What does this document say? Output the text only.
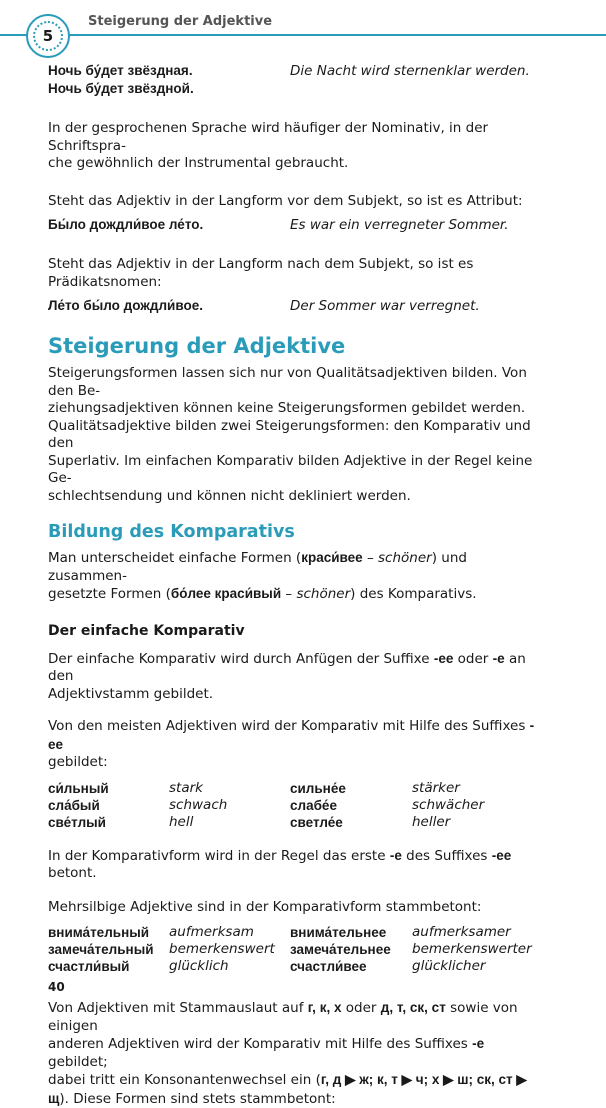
5
Steigerung der Adjektive
Ночь бу́дет звёздная.	Die Nacht wird sternenklar werden.
Ночь бу́дет звёздной.

In der gesprochenen Sprache wird häufiger der Nominativ, in der Schriftspra-

che gewöhnlich der Instrumental gebraucht.

Steht das Adjektiv in der Langform vor dem Subjekt, so ist es Attribut:

Бы́ло дождли́вое ле́то.	Es war ein verregneter Sommer.

Steht das Adjektiv in der Langform nach dem Subjekt, so ist es Prädikatsnomen:

Ле́то бы́ло дождли́вое.	Der Sommer war verregnet.
Steigerung der Adjektive

Steigerungsformen lassen sich nur von Qualitätsadjektiven bilden. Von den Be-

ziehungsadjektiven können keine Steigerungsformen gebildet werden.

Qualitätsadjektive bilden zwei Steigerungsformen: den Komparativ und den

Superlativ. Im einfachen Komparativ bilden Adjektive in der Regel keine Ge-

schlechtsendung und können nicht dekliniert werden.

Bildung des Komparativs

Man unterscheidet einfache Formen (краси́вее – schöner) und zusammen-

gesetzte Formen (бо́лее краси́вый – schöner) des Komparativs.

Der einfache Komparativ

Der einfache Komparativ wird durch Anfügen der Suffixe -ee oder -e an den

Adjektivstamm gebildet.

Von den meisten Adjektiven wird der Komparativ mit Hilfe des Suffixes -ee

gebildet:

си́льный	stark	сильне́е	stärker
сла́бый	schwach	слабе́е	schwächer
све́тлый	hell	светле́е	heller

In der Komparativform wird in der Regel das erste -e des Suffixes -ee betont.

Mehrsilbige Adjektive sind in der Komparativform stammbetont:

внима́тельный aufmerksam	внима́тельнее aufmerksamer
замеча́тельный bemerkenswert замеча́тельнее bemerkenswerter
счастли́вый	glücklich	счастли́вее	glücklicher

Von Adjektiven mit Stammauslaut auf г, к, х oder д, т, ск, ст sowie von einigen

anderen Adjektiven wird der Komparativ mit Hilfe des Suffixes -e gebildet;

dabei tritt ein Konsonantenwechsel ein (г, д ▶ ж; к, т ▶ ч; х ▶ ш; ск, ст ▶

щ). Diese Formen sind stets stammbetont:

40
